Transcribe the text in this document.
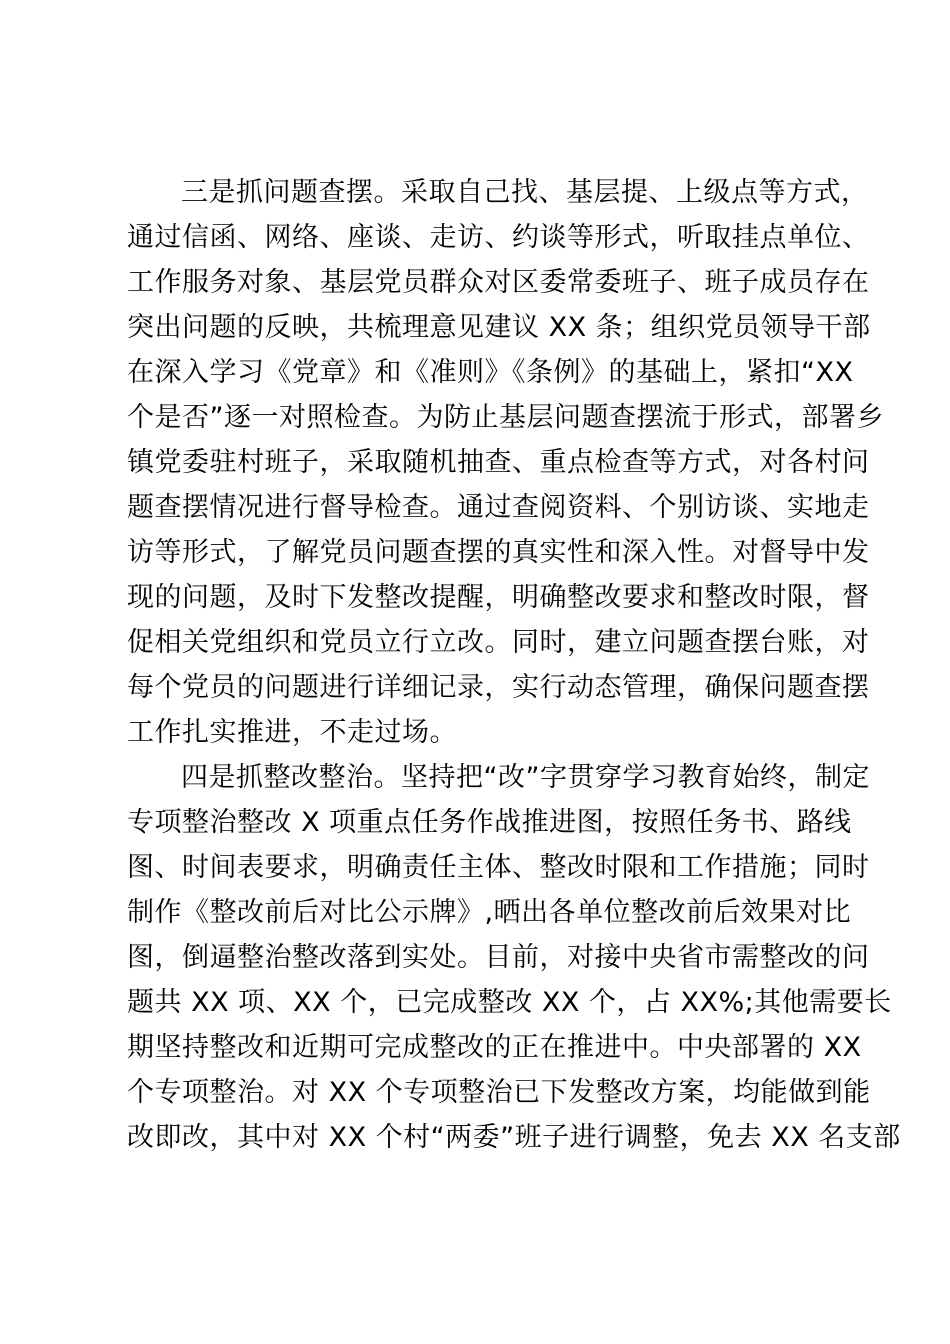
三是抓问题查摆。采取自己找、基层提、上级点等方式，
通过信函、网络、座谈、走访、约谈等形式，听取挂点单位、
工作服务对象、基层党员群众对区委常委班子、班子成员存在
突出问题的反映，共梳理意见建议 XX 条；组织党员领导干部
在深入学习《党章》和《准则》《条例》的基础上，紧扣“XX
个是否”逐一对照检查。为防止基层问题查摆流于形式，部署乡
镇党委驻村班子，采取随机抽查、重点检查等方式，对各村问
题查摆情况进行督导检查。通过查阅资料、个别访谈、实地走
访等形式，了解党员问题查摆的真实性和深入性。对督导中发
现的问题，及时下发整改提醒，明确整改要求和整改时限，督
促相关党组织和党员立行立改。同时，建立问题查摆台账，对
每个党员的问题进行详细记录，实行动态管理，确保问题查摆
工作扎实推进，不走过场。
四是抓整改整治。坚持把“改”字贯穿学习教育始终，制定
专项整治整改 X 项重点任务作战推进图，按照任务书、路线
图、时间表要求，明确责任主体、整改时限和工作措施；同时
制作《整改前后对比公示牌》,晒出各单位整改前后效果对比
图，倒逼整治整改落到实处。目前，对接中央省市需整改的问
题共 XX 项、XX 个，已完成整改 XX 个，占 XX%;其他需要长
期坚持整改和近期可完成整改的正在推进中。中央部署的 XX
个专项整治。对 XX 个专项整治已下发整改方案，均能做到能
改即改，其中对 XX 个村“两委”班子进行调整，免去 XX 名支部
